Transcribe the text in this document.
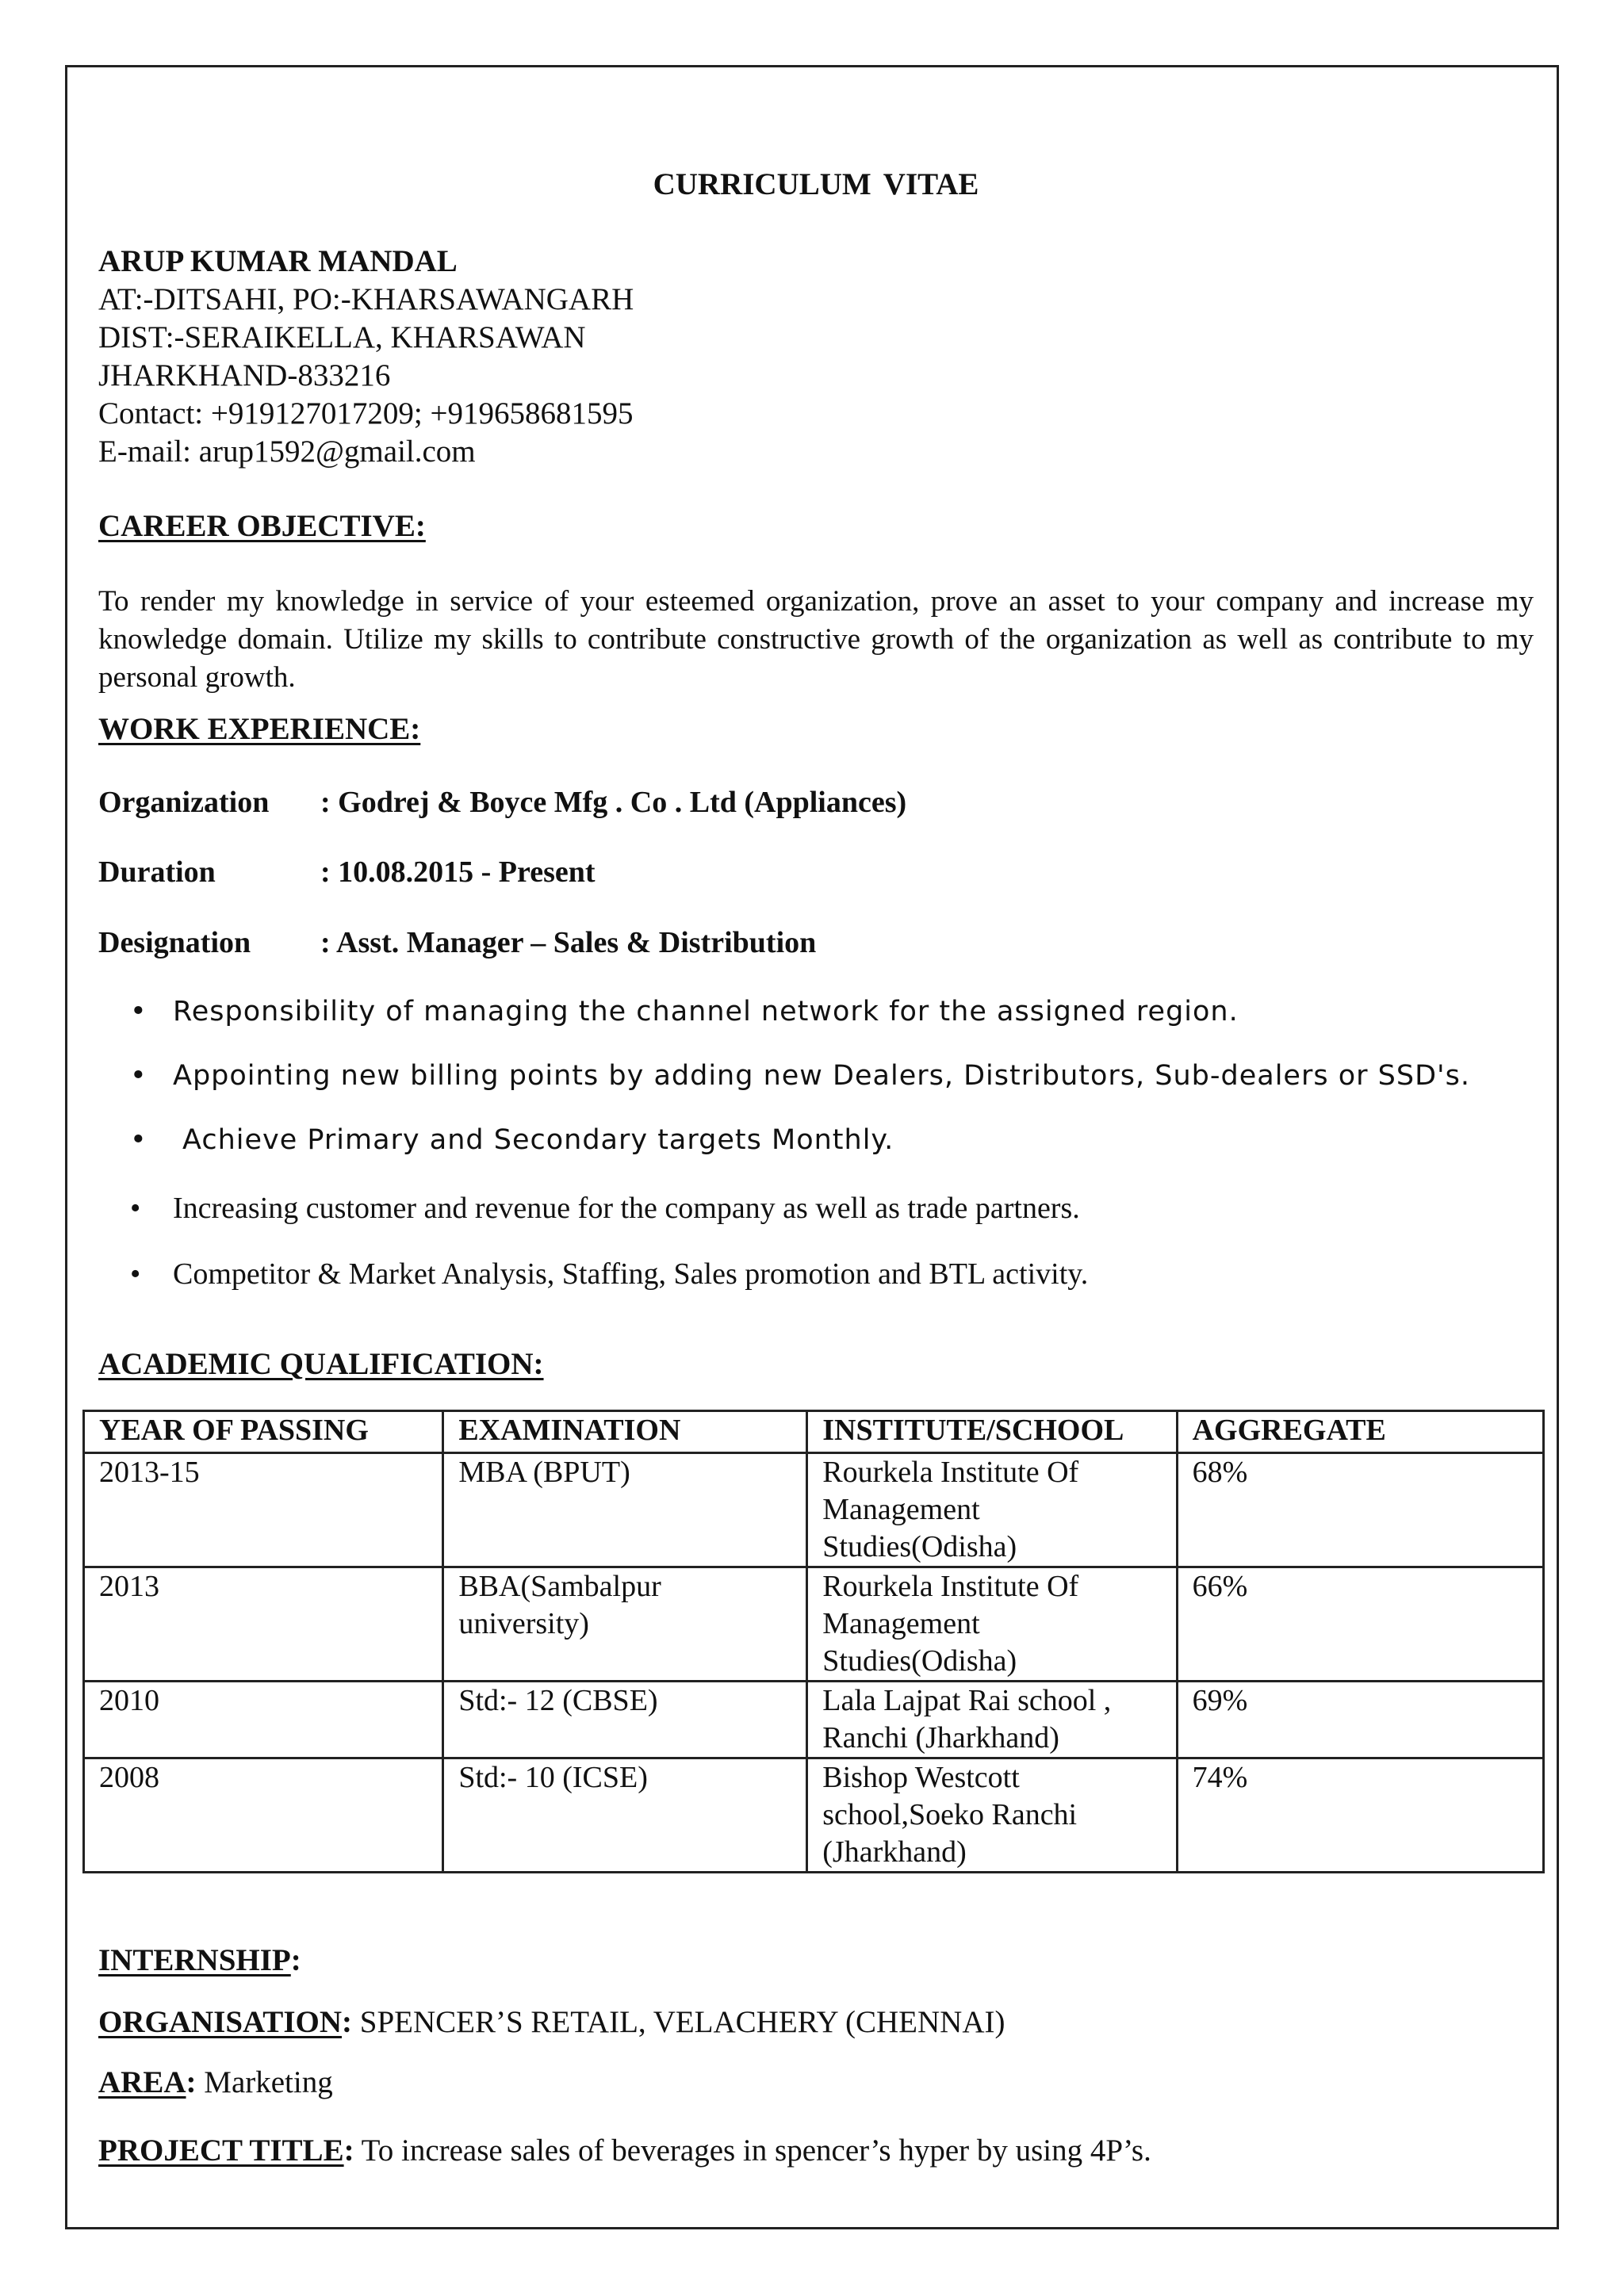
CURRICULUM VITAE
ARUP KUMAR MANDAL
AT:-DITSAHI, PO:-KHARSAWANGARH
DIST:-SERAIKELLA, KHARSAWAN
JHARKHAND-833216
Contact: +919127017209; +919658681595
E-mail: arup1592@gmail.com
CAREER OBJECTIVE:
To render my knowledge in service of your esteemed organization, prove an asset to your company and increase my knowledge domain. Utilize my skills to contribute constructive growth of the organization as well as contribute to my personal growth.
WORK EXPERIENCE:
Organization : Godrej & Boyce Mfg . Co . Ltd (Appliances)
Duration	: 10.08.2015 - Present
Designation : Asst. Manager – Sales & Distribution
• Responsibility of managing the channel network for the assigned region.
• Appointing new billing points by adding new Dealers, Distributors, Sub-dealers or SSD's.
• Achieve Primary and Secondary targets Monthly.
• Increasing customer and revenue for the company as well as trade partners.
• Competitor & Market Analysis, Staffing, Sales promotion and BTL activity.
ACADEMIC QUALIFICATION:
INTERNSHIP:
ORGANISATION: SPENCER’S RETAIL, VELACHERY (CHENNAI)
AREA: Marketing
PROJECT TITLE: To increase sales of beverages in spencer’s hyper by using 4P’s.
YEAR OF PASSING	EXAMINATION	INSTITUTE/SCHOOL	AGGREGATE
2013-15	MBA (BPUT)	Rourkela Institute Of Management Studies(Odisha)	68%
2013	BBA(Sambalpur university)	Rourkela Institute Of Management Studies(Odisha)	66%
2010	Std:- 12 (CBSE)	Lala Lajpat Rai school , Ranchi (Jharkhand)	69%
2008	Std:- 10 (ICSE)	Bishop Westcott school,Soeko Ranchi (Jharkhand)	74%
